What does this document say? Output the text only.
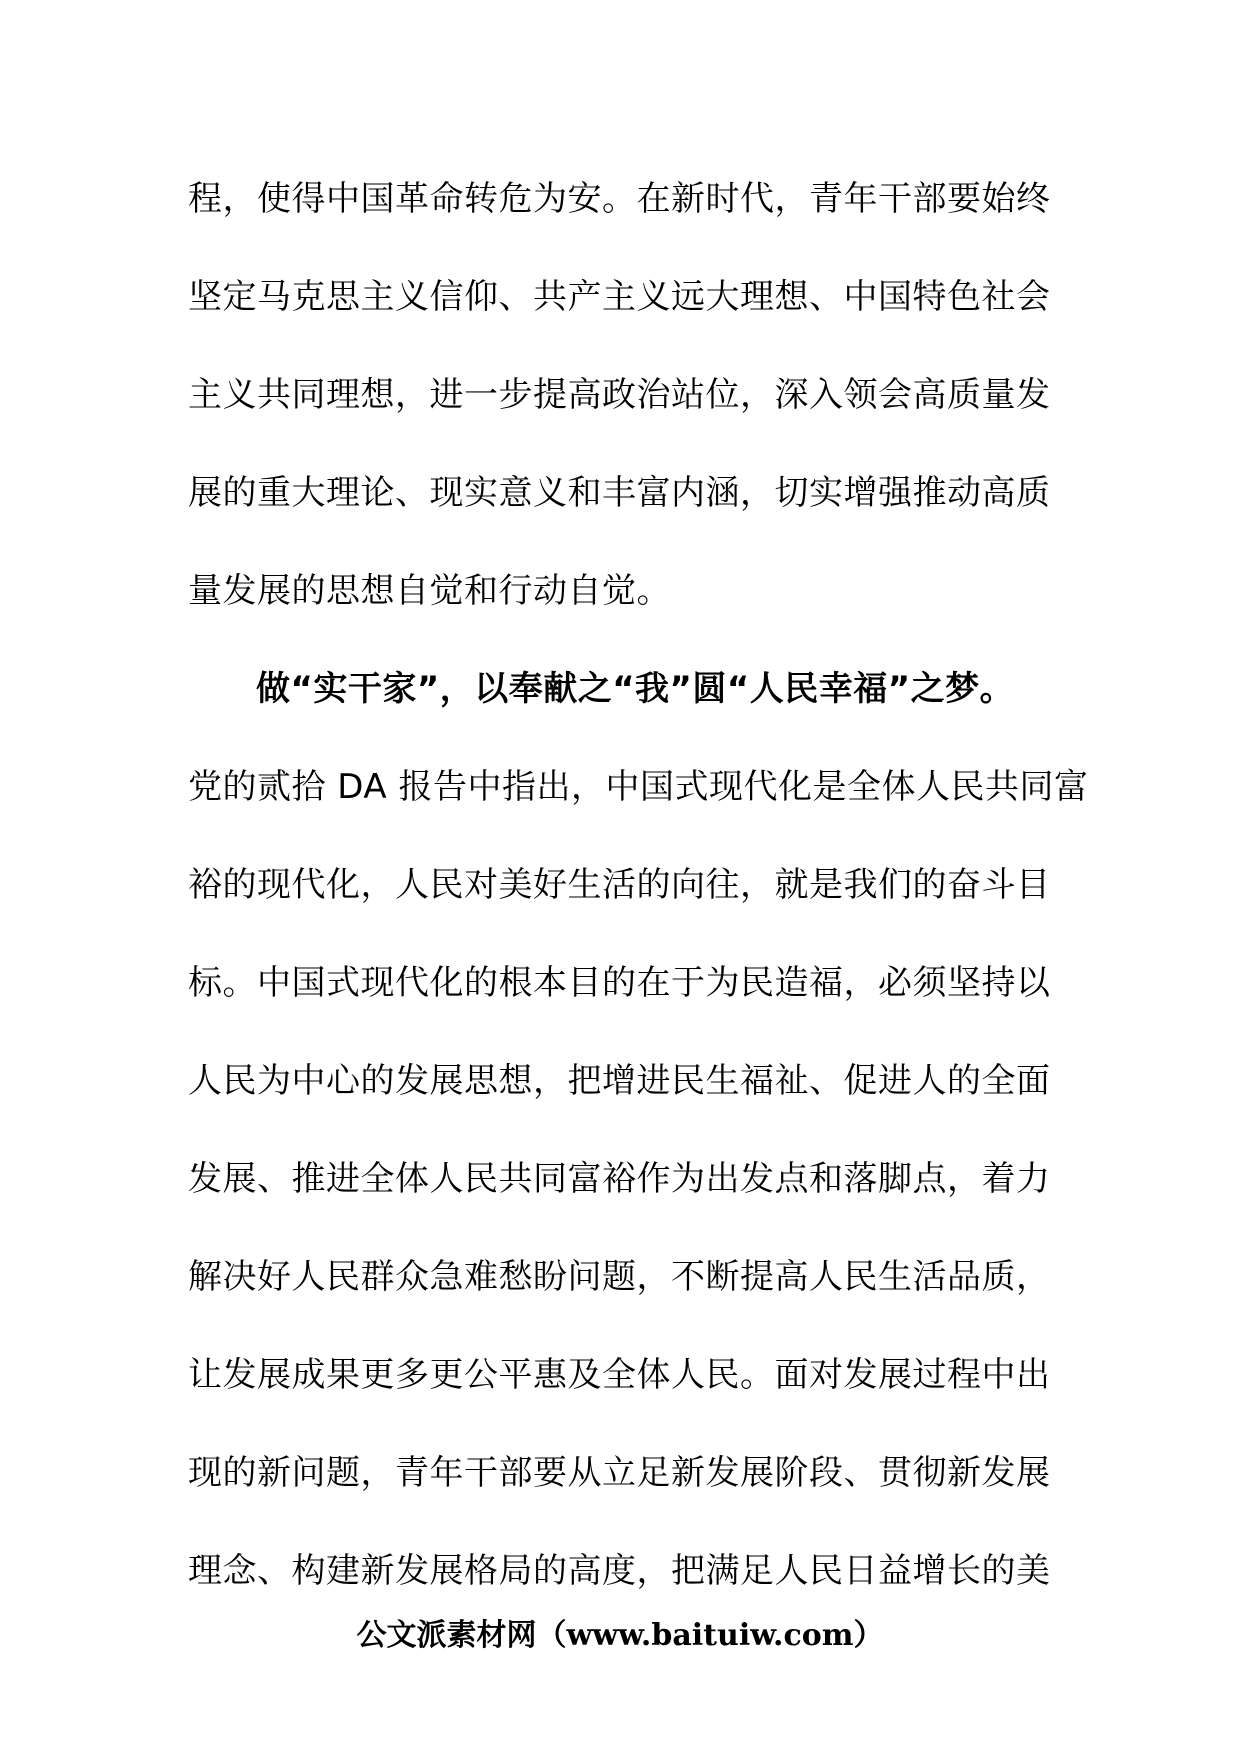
程，使得中国革命转危为安。在新时代，青年干部要始终
坚定马克思主义信仰、共产主义远大理想、中国特色社会
主义共同理想，进一步提高政治站位，深入领会高质量发
展的重大理论、现实意义和丰富内涵，切实增强推动高质
量发展的思想自觉和行动自觉。
做“实干家”，以奉献之“我”圆“人民幸福”之梦。
党的贰拾 DA 报告中指出，中国式现代化是全体人民共同富
裕的现代化，人民对美好生活的向往，就是我们的奋斗目
标。中国式现代化的根本目的在于为民造福，必须坚持以
人民为中心的发展思想，把增进民生福祉、促进人的全面
发展、推进全体人民共同富裕作为出发点和落脚点，着力
解决好人民群众急难愁盼问题，不断提高人民生活品质，
让发展成果更多更公平惠及全体人民。面对发展过程中出
现的新问题，青年干部要从立足新发展阶段、贯彻新发展
理念、构建新发展格局的高度，把满足人民日益增长的美
公文派素材网（www.baituiw.com）
